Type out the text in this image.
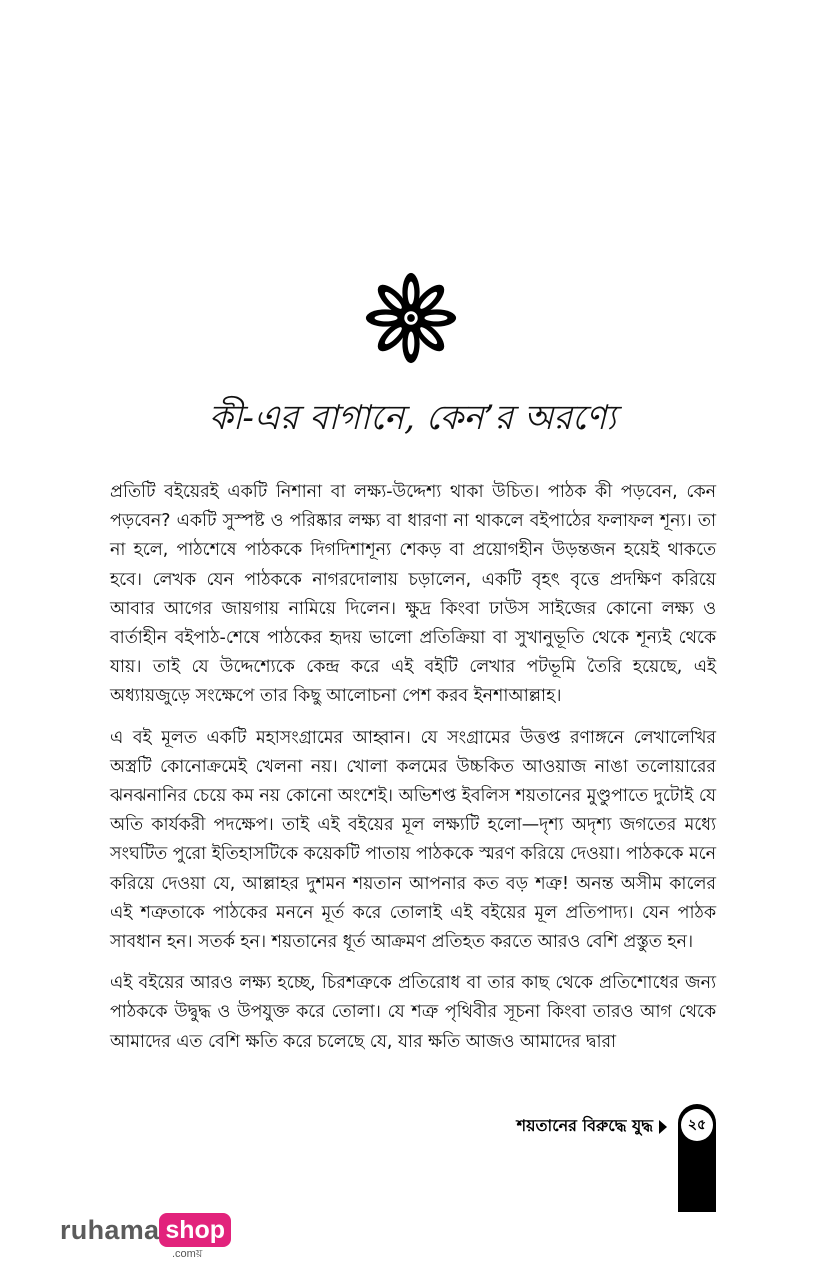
কী-এর বাগানে, কেন’র অরণ্যে

প্রতিটি বইয়েরই একটি নিশানা বা লক্ষ্য-উদ্দেশ্য থাকা উচিত। পাঠক কী পড়বেন, কেন পড়বেন? একটি সুস্পষ্ট ও পরিষ্কার লক্ষ্য বা ধারণা না থাকলে বইপাঠের ফলাফল শূন্য। তা না হলে, পাঠশেষে পাঠককে দিগদিশাশূন্য শেকড় বা প্রয়োগহীন উড়ন্তজন হয়েই থাকতে হবে। লেখক যেন পাঠককে নাগরদোলায় চড়ালেন, একটি বৃহৎ বৃত্তে প্রদক্ষিণ করিয়ে আবার আগের জায়গায় নামিয়ে দিলেন। ক্ষুদ্র কিংবা ঢাউস সাইজের কোনো লক্ষ্য ও বার্তাহীন বইপাঠ-শেষে পাঠকের হৃদয় ভালো প্রতিক্রিয়া বা সুখানুভূতি থেকে শূন্যই থেকে যায়। তাই যে উদ্দেশ্যেকে কেন্দ্র করে এই বইটি লেখার পটভূমি তৈরি হয়েছে, এই অধ্যায়জুড়ে সংক্ষেপে তার কিছু আলোচনা পেশ করব ইনশাআল্লাহ।

এ বই মূলত একটি মহাসংগ্রামের আহ্বান। যে সংগ্রামের উত্তপ্ত রণাঙ্গনে লেখালেখির অস্ত্রটি কোনোক্রমেই খেলনা নয়। খোলা কলমের উচ্চকিত আওয়াজ নাঙা তলোয়ারের ঝনঝনানির চেয়ে কম নয় কোনো অংশেই। অভিশপ্ত ইবলিস শয়তানের মুণ্ডুপাতে দুটোই যে অতি কার্যকরী পদক্ষেপ। তাই এই বইয়ের মূল লক্ষ্যটি হলো—দৃশ্য অদৃশ্য জগতের মধ্যে সংঘটিত পুরো ইতিহাসটিকে কয়েকটি পাতায় পাঠককে স্মরণ করিয়ে দেওয়া। পাঠককে মনে করিয়ে দেওয়া যে, আল্লাহর দুশমন শয়তান আপনার কত বড় শত্রু! অনন্ত অসীম কালের এই শত্রুতাকে পাঠকের মননে মূর্ত করে তোলাই এই বইয়ের মূল প্রতিপাদ্য। যেন পাঠক সাবধান হন। সতর্ক হন। শয়তানের ধূর্ত আক্রমণ প্রতিহত করতে আরও বেশি প্রস্তুত হন।

এই বইয়ের আরও লক্ষ্য হচ্ছে, চিরশত্রুকে প্রতিরোধ বা তার কাছ থেকে প্রতিশোধের জন্য পাঠককে উদ্বুদ্ধ ও উপযুক্ত করে তোলা। যে শত্রু পৃথিবীর সূচনা কিংবা তারও আগ থেকে আমাদের এত বেশি ক্ষতি করে চলেছে যে, যার ক্ষতি আজও আমাদের দ্বারা

শয়তানের বিরুদ্ধে যুদ্ধ	২৫
ruhama shop
.comয়
